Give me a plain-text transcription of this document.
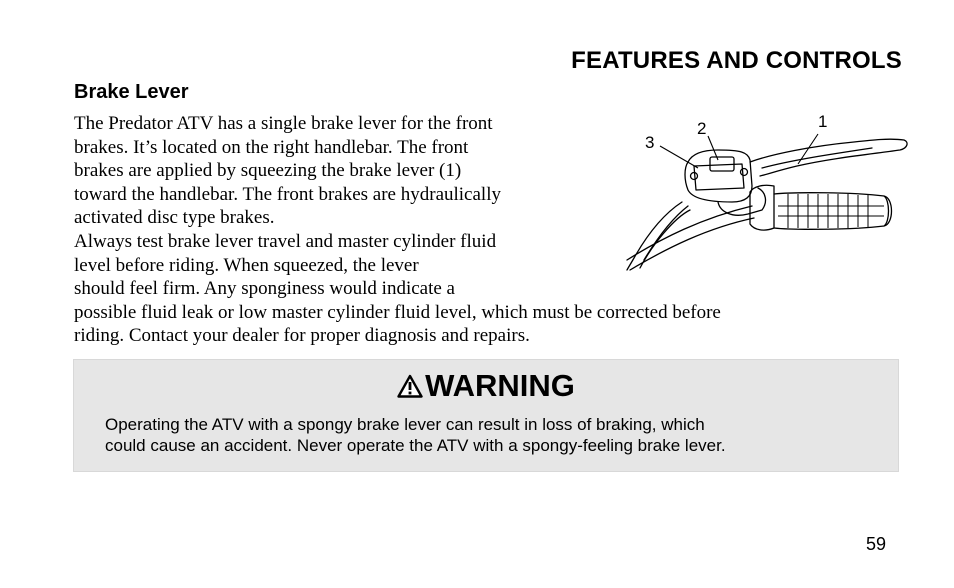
FEATURES AND CONTROLS
Brake Lever
The Predator ATV has a single brake lever for the front
brakes. It’s located on the right handlebar. The front
brakes are applied by squeezing the brake lever (1)
toward the handlebar. The front brakes are hydraulically
activated disc type brakes.
Always test brake lever travel and master cylinder fluid
level before riding. When squeezed, the lever
should feel firm. Any sponginess would indicate a
possible fluid leak or low master cylinder fluid level, which must be corrected before
riding. Contact your dealer for proper diagnosis and repairs.
1
2
3
WARNING
Operating the ATV with a spongy brake lever can result in loss of braking, which
could cause an accident. Never operate the ATV with a spongy-feeling brake lever.
59
